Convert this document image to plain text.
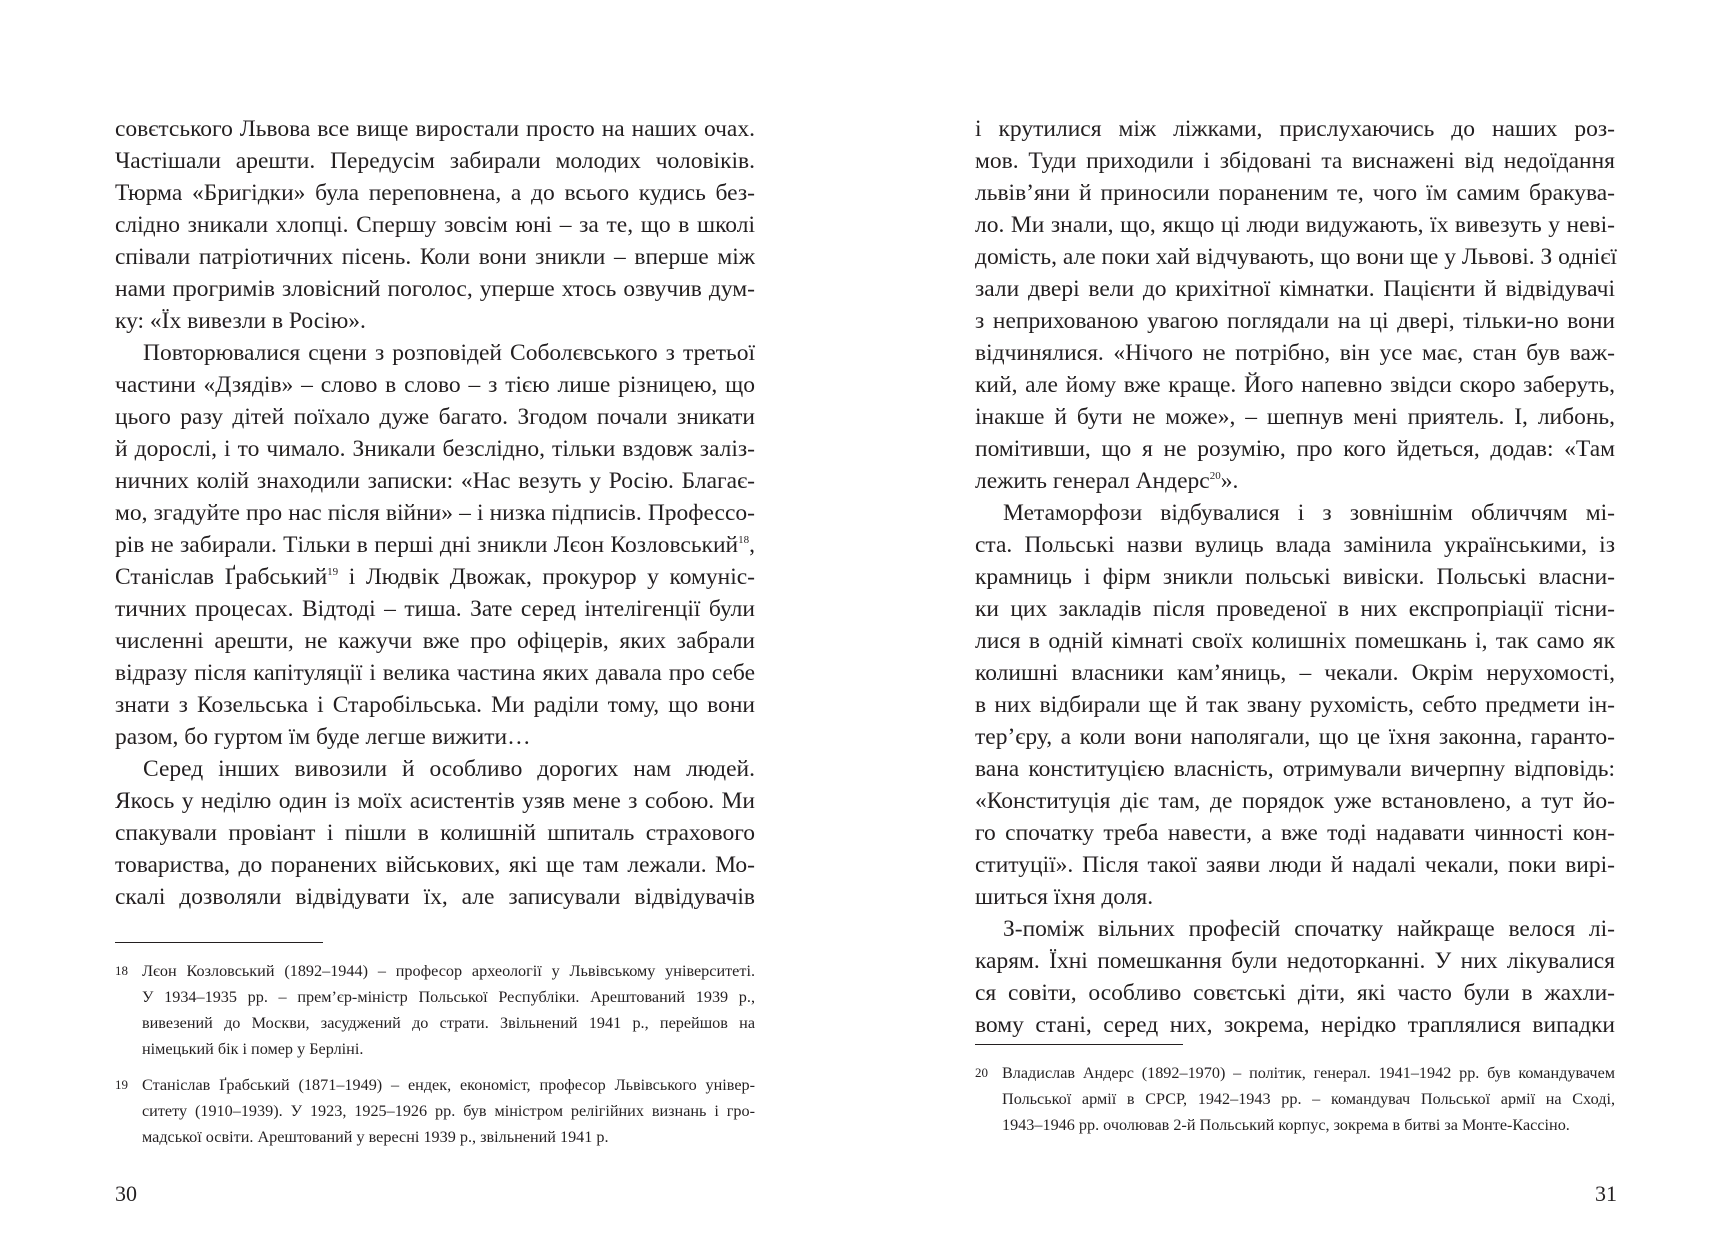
совєтського Львова все вище виростали просто на наших очах.
Частішали арешти. Передусім забирали молодих чоловіків.
Тюрма «Бригідки» була переповнена, а до всього кудись без-
слідно зникали хлопці. Спершу зовсім юні – за те, що в школі
співали патріотичних пісень. Коли вони зникли – вперше між
нами прогримів зловісний поголос, уперше хтось озвучив дум-
ку: «Їх вивезли в Росію».
Повторювалися сцени з розповідей Соболєвського з третьої
частини «Дзядів» – слово в слово – з тією лише різницею, що
цього разу дітей поїхало дуже багато. Згодом почали зникати
й дорослі, і то чимало. Зникали безслідно, тільки вздовж заліз-
ничних колій знаходили записки: «Нас везуть у Росію. Благає-
мо, згадуйте про нас після війни» – і низка підписів. Профессо-
рів не забирали. Тільки в перші дні зникли Лєон Козловський$^{18}$,
Станіслав Ґрабський$^{19}$ і Людвік Двожак, прокурор у комуніс-
тичних процесах. Відтоді – тиша. Зате серед інтелігенції були
численні арешти, не кажучи вже про офіцерів, яких забрали
відразу після капітуляції і велика частина яких давала про себе
знати з Козельська і Старобільська. Ми раділи тому, що вони
разом, бо гуртом їм буде легше вижити…
Серед інших вивозили й особливо дорогих нам людей.
Якось у неділю один із моїх асистентів узяв мене з собою. Ми
спакували провіант і пішли в колишній шпиталь страхового
товариства, до поранених військових, які ще там лежали. Мо-
скалі дозволяли відвідувати їх, але записували відвідувачів
18 Лєон Козловський (1892–1944) – професор археології у Львівському університеті.
У 1934–1935 рр. – прем’єр-міністр Польської Республіки. Арештований 1939 р.,
вивезений до Москви, засуджений до страти. Звільнений 1941 р., перейшов на
німецький бік і помер у Берліні.
19 Станіслав Ґрабський (1871–1949) – ендек, економіст, професор Львівського універ-
ситету (1910–1939). У 1923, 1925–1926 рр. був міністром релігійних визнань і гро-
мадської освіти. Арештований у вересні 1939 р., звільнений 1941 р.
30
і крутилися між ліжками, прислухаючись до наших роз-
мов. Туди приходили і збідовані та виснажені від недоїдання
львів’яни й приносили пораненим те, чого їм самим бракува-
ло. Ми знали, що, якщо ці люди видужають, їх вивезуть у неві-
домість, але поки хай відчувають, що вони ще у Львові. З однієї
зали двері вели до крихітної кімнатки. Пацієнти й відвідувачі
з неприхованою увагою поглядали на ці двері, тільки-но вони
відчинялися. «Нічого не потрібно, він усе має, стан був важ-
кий, але йому вже краще. Його напевно звідси скоро заберуть,
інакше й бути не може», – шепнув мені приятель. І, либонь,
помітивши, що я не розумію, про кого йдеться, додав: «Там
лежить генерал Андерс$^{20}$».
Метаморфози відбувалися і з зовнішнім обличчям мі-
ста. Польські назви вулиць влада замінила українськими, із
крамниць і фірм зникли польські вивіски. Польські власни-
ки цих закладів після проведеної в них експропріації тісни-
лися в одній кімнаті своїх колишніх помешкань і, так само як
колишні власники кам’яниць, – чекали. Окрім нерухомості,
в них відбирали ще й так звану рухомість, себто предмети ін-
тер’єру, а коли вони наполягали, що це їхня законна, гаранто-
вана конституцією власність, отримували вичерпну відповідь:
«Конституція діє там, де порядок уже встановлено, а тут йо-
го спочатку треба навести, а вже тоді надавати чинності кон-
ституції». Після такої заяви люди й надалі чекали, поки вирі-
шиться їхня доля.
З-поміж вільних професій спочатку найкраще велося лі-
карям. Їхні помешкання були недоторканні. У них лікувалися
ся совіти, особливо совєтські діти, які часто були в жахли-
вому стані, серед них, зокрема, нерідко траплялися випадки
20 Владислав Андерс (1892–1970) – політик, генерал. 1941–1942 рр. був командувачем
Польської армії в СРСР, 1942–1943 рр. – командувач Польської армії на Сході,
1943–1946 рр. очолював 2-й Польський корпус, зокрема в битві за Монте-Кассіно.
31
